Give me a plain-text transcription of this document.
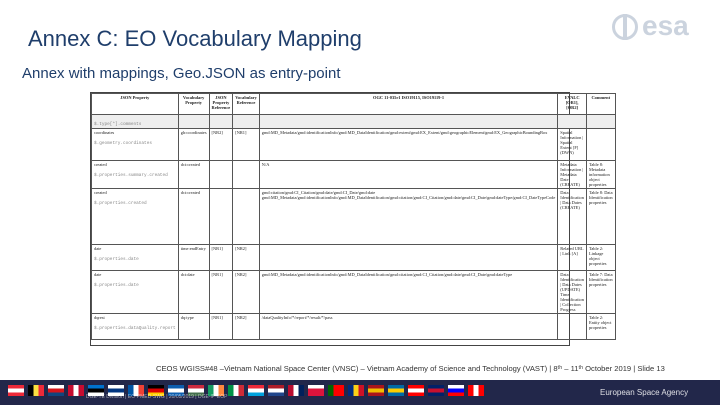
Annex C: EO Vocabulary Mapping
Annex with mappings, Geo.JSON as entry-point
esa
JSON Property	Vocabulary Property	JSON Property Reference	Vocabulary Reference	OGC 11-035r1 ISO19115, ISO19119-1	EVALC [OR1], [OR2]	Comment

$.type[*].comments						

coordinates
$.geometry.coordinates	gh:coordinates	[NR2]	[NR1]	gmd:MD_Metadata/gmd:identificationInfo/gmd:MD_DataIdentification/gmd:extent/gmd:EX_Extent/gmd:geographicElement/gmd:EX_GeographicBoundingBox	Spatial Information | Spatial Extent [F] (DWN)	

created
$.properties.summary.created	dct:created			N/A	Metadata Information | Metadata Date (CREATE)	Table 8: Metadata information object properties

created
$.properties.created	dct:created			gmd:citation/gmd:CI_Citation/gmd:date/gmd:CI_Date/gmd:date gmd:MD_Metadata/gmd:identificationInfo/gmd:MD_DataIdentification/gmd:citation/gmd:CI_Citation/gmd:date/gmd:CI_Date/gmd:dateType/gmd:CI_DateTypeCode	Data Identification | Data Dates (CREATE)	Table 8: Data Identification properties

date
$.properties.date	time:endEntry	[NR1]	[NR2]		Related URL | Link [A]	Table 2: Linkage object properties

date
$.properties.date	dct:date	[NR1]	[NR2]	gmd:MD_Metadata/gmd:identificationInfo/gmd:MD_DataIdentification/gmd:citation/gmd:CI_Citation/gmd:date/gmd:CI_Date/gmd:dateType	Data Identification | Data Dates (UPDATE) Time Identification | Collection Progress	Table 7: Data Identification properties

dqrest
$.properties.dataQuality.report	dq:type	[NR1]	[NR2]	/dataQualityInfo/*/report/*/result/*/pass		Table 2: Entity object properties
CEOS WGISS#48 –Vietnam National Space Center (VNSC) – Vietnam Academy of Science and Technology (VAST) | 8ᵗʰ – 11ᵗʰ October 2019 | Slide 13
DGE-TE Division | EO-PMED-SWG | 20/05/2019 | DGE-IP-EOP	European Space Agency
